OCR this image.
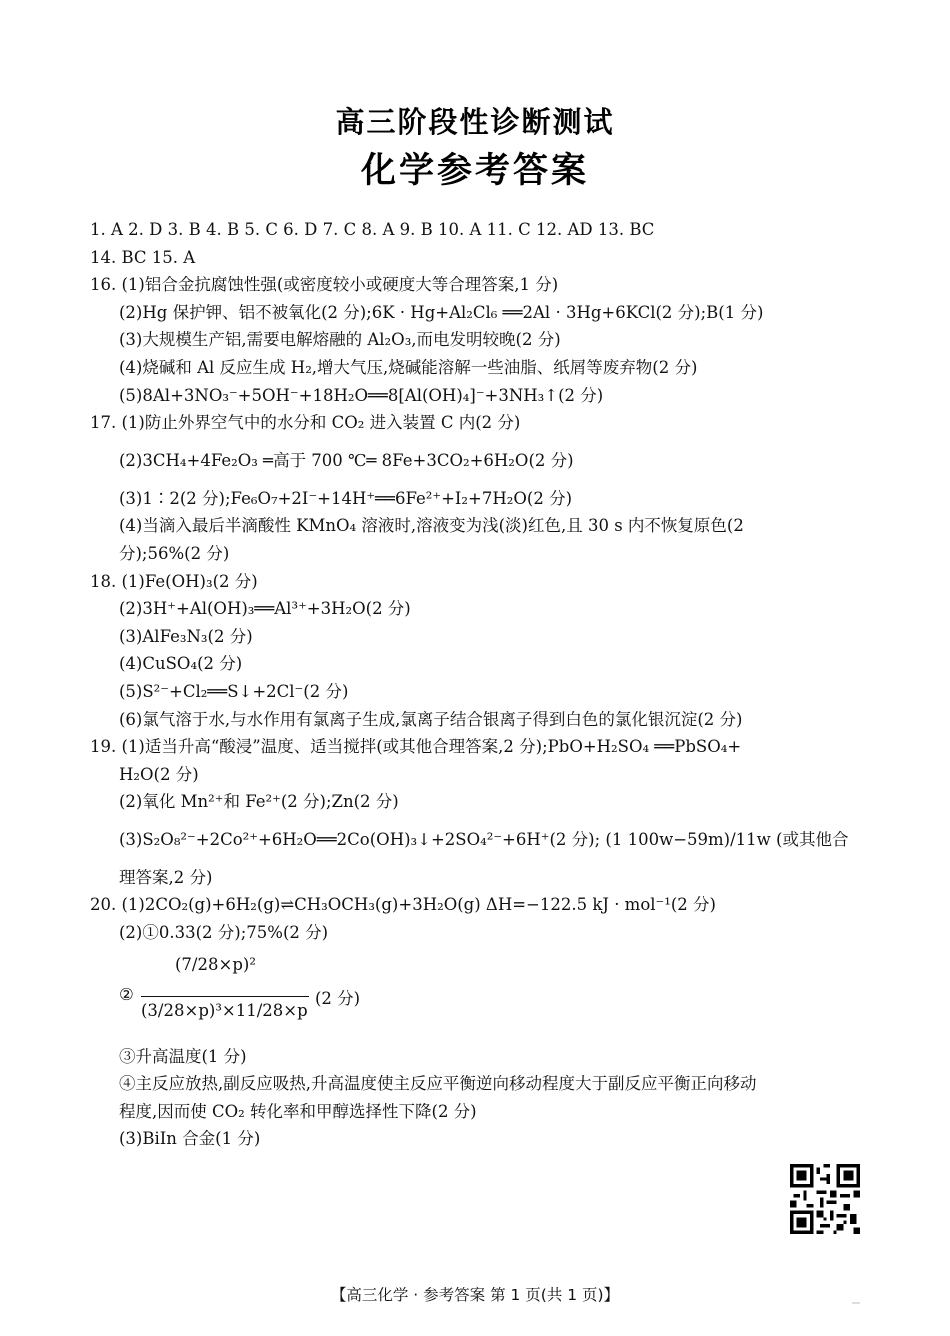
高三阶段性诊断测试
化学参考答案
1. A 2. D 3. B 4. B 5. C 6. D 7. C 8. A 9. B 10. A 11. C 12. AD 13. BC
14. BC 15. A
16. (1)铝合金抗腐蚀性强(或密度较小或硬度大等合理答案,1 分)
(2)Hg 保护钾、铝不被氧化(2 分);6K · Hg+Al₂Cl₆ ══2Al · 3Hg+6KCl(2 分);B(1 分)
(3)大规模生产铝,需要电解熔融的 Al₂O₃,而电发明较晚(2 分)
(4)烧碱和 Al 反应生成 H₂,增大气压,烧碱能溶解一些油脂、纸屑等废弃物(2 分)
(5)8Al+3NO₃⁻+5OH⁻+18H₂O══8[Al(OH)₄]⁻+3NH₃↑(2 分)
17. (1)防止外界空气中的水分和 CO₂ 进入装置 C 内(2 分)
(2)3CH₄+4Fe₂O₃ ═高于 700 ℃═ 8Fe+3CO₂+6H₂O(2 分)
(3)1∶2(2 分);Fe₆O₇+2I⁻+14H⁺══6Fe²⁺+I₂+7H₂O(2 分)
(4)当滴入最后半滴酸性 KMnO₄ 溶液时,溶液变为浅(淡)红色,且 30 s 内不恢复原色(2
分);56%(2 分)
18. (1)Fe(OH)₃(2 分)
(2)3H⁺+Al(OH)₃══Al³⁺+3H₂O(2 分)
(3)AlFe₃N₃(2 分)
(4)CuSO₄(2 分)
(5)S²⁻+Cl₂══S↓+2Cl⁻(2 分)
(6)氯气溶于水,与水作用有氯离子生成,氯离子结合银离子得到白色的氯化银沉淀(2 分)
19. (1)适当升高“酸浸”温度、适当搅拌(或其他合理答案,2 分);PbO+H₂SO₄ ══PbSO₄+
H₂O(2 分)
(2)氧化 Mn²⁺和 Fe²⁺(2 分);Zn(2 分)
(3)S₂O₈²⁻+2Co²⁺+6H₂O══2Co(OH)₃↓+2SO₄²⁻+6H⁺(2 分); (1 100w−59m)/11w (或其他合
理答案,2 分)
20. (1)2CO₂(g)+6H₂(g)⇌CH₃OCH₃(g)+3H₂O(g) ΔH=−122.5 kJ · mol⁻¹(2 分)
(2)①0.33(2 分);75%(2 分)
②
(7/28×p)²
(3/28×p)³×11/28×p
(2 分)
③升高温度(1 分)
④主反应放热,副反应吸热,升高温度使主反应平衡逆向移动程度大于副反应平衡正向移动
程度,因而使 CO₂ 转化率和甲醇选择性下降(2 分)
(3)BiIn 合金(1 分)
【高三化学 · 参考答案 第 1 页(共 1 页)】
